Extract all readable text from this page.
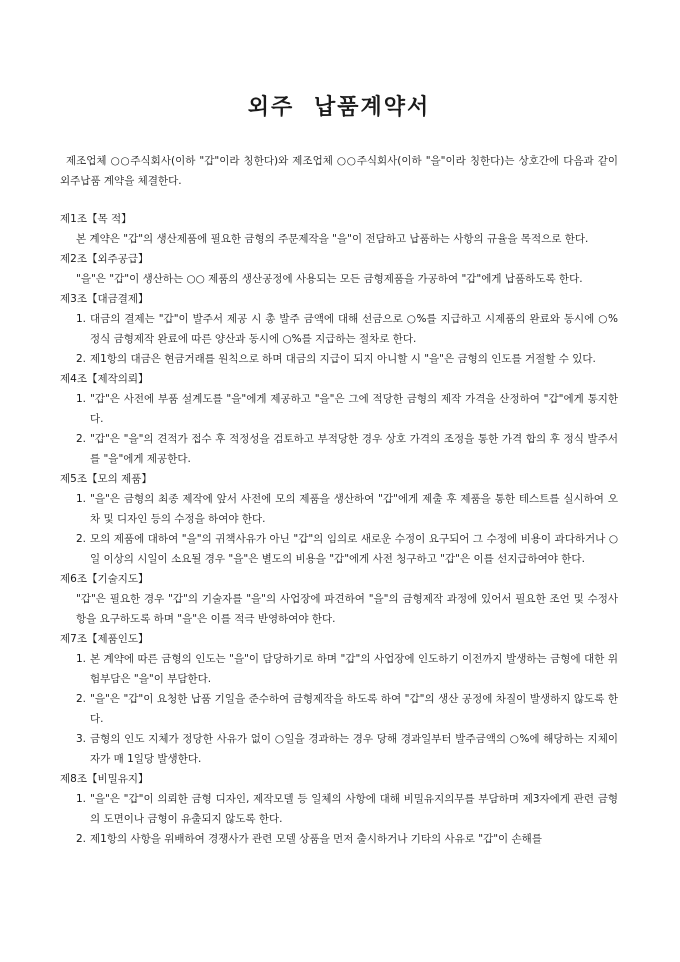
외주 납품계약서

제조업체 ○○주식회사(이하 "갑"이라 칭한다)와 제조업체 ○○주식회사(이하 "을"이라 칭한다)는 상호간에 다음과 같이 외주납품 계약을 체결한다.

제1조【목 적】

본 계약은 "갑"의 생산제품에 필요한 금형의 주문제작을 "을"이 전담하고 납품하는 사항의 규율을 목적으로 한다.

제2조【외주공급】

"을"은 "갑"이 생산하는 ○○ 제품의 생산공정에 사용되는 모든 금형제품을 가공하여 "갑"에게 납품하도록 한다.

제3조【대금결제】

1. 대금의 결제는 "갑"이 발주서 제공 시 총 발주 금액에 대해 선금으로 ○%를 지급하고 시제품의 완료와 동시에 ○% 정식 금형제작 완료에 따른 양산과 동시에 ○%를 지급하는 절차로 한다.
2. 제1항의 대금은 현금거래를 원칙으로 하며 대금의 지급이 되지 아니할 시 "을"은 금형의 인도를 거절할 수 있다.

제4조【제작의뢰】

1. "갑"은 사전에 부품 설계도를 "을"에게 제공하고 "을"은 그에 적당한 금형의 제작 가격을 산정하여 "갑"에게 통지한다.
2. "갑"은 "을"의 견적가 접수 후 적정성을 검토하고 부적당한 경우 상호 가격의 조정을 통한 가격 합의 후 정식 발주서를 "을"에게 제공한다.

제5조【모의 제품】

1. "을"은 금형의 최종 제작에 앞서 사전에 모의 제품을 생산하여 "갑"에게 제출 후 제품을 통한 테스트를 실시하여 오차 및 디자인 등의 수정을 하여야 한다.
2. 모의 제품에 대하여 "을"의 귀책사유가 아닌 "갑"의 임의로 새로운 수정이 요구되어 그 수정에 비용이 과다하거나 ○일 이상의 시일이 소요될 경우 "을"은 별도의 비용을 "갑"에게 사전 청구하고 "갑"은 이를 선지급하여야 한다.

제6조【기술지도】

"갑"은 필요한 경우 "갑"의 기술자를 "을"의 사업장에 파견하여 "을"의 금형제작 과정에 있어서 필요한 조언 및 수정사항을 요구하도록 하며 "을"은 이를 적극 반영하여야 한다.

제7조【제품인도】

1. 본 계약에 따른 금형의 인도는 "을"이 담당하기로 하며 "갑"의 사업장에 인도하기 이전까지 발생하는 금형에 대한 위험부담은 "을"이 부담한다.
2. "을"은 "갑"이 요청한 납품 기일을 준수하여 금형제작을 하도록 하여 "갑"의 생산 공정에 차질이 발생하지 않도록 한다.
3. 금형의 인도 지체가 정당한 사유가 없이 ○일을 경과하는 경우 당해 경과일부터 발주금액의 ○%에 해당하는 지체이자가 매 1일당 발생한다.

제8조【비밀유지】

1. "을"은 "갑"이 의뢰한 금형 디자인, 제작모델 등 일체의 사항에 대해 비밀유지의무를 부담하며 제3자에게 관련 금형의 도면이나 금형이 유출되지 않도록 한다.
2. 제1항의 사항을 위배하여 경쟁사가 관련 모델 상품을 먼저 출시하거나 기타의 사유로 "갑"이 손해를
